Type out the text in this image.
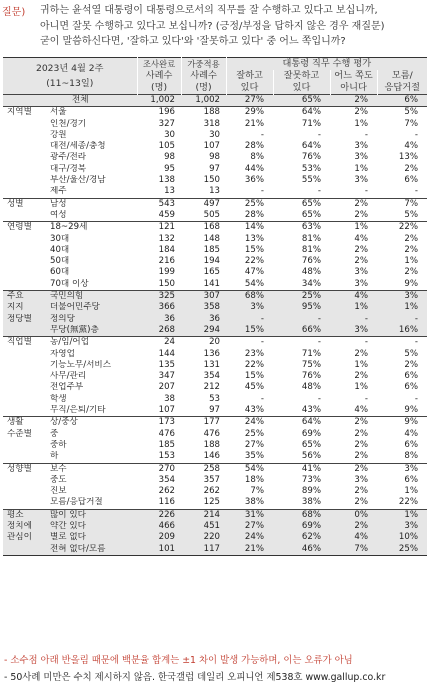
질문) 귀하는 윤석열 대통령이 대통령으로서의 직무를 잘 수행하고 있다고 보십니까,
아니면 잘못 수행하고 있다고 보십니까? (긍정/부정을 답하지 않은 경우 재질문)
굳이 말씀하신다면, '잘하고 있다'와 '잘못하고 있다' 중 어느 쪽입니까?
2023년 4월 2주
(11~13일)		조사완료	가중적용	대통령 직무 수행 평가			
		사례수	사례수	잘하고	잘못하고	어느 쪽도	모름/
		(명)	(명)	있다	있다	아니다	응답거절
	전체	1,002	1,002	27%	65%	2%	6%
지역별	서울	196	188	29%	64%	2%	5%
	인천/경기	327	318	21%	71%	1%	7%
	강원	30	30	-	-	-	-
	대전/세종/충청	105	107	28%	64%	3%	4%
	광주/전라	98	98	8%	76%	3%	13%
	대구/경북	95	97	44%	53%	1%	2%
	부산/울산/경남	138	150	36%	55%	3%	6%
	제주	13	13	-	-	-	-
성별	남성	543	497	25%	65%	2%	7%
	여성	459	505	28%	65%	2%	5%
연령별	18~29세	121	168	14%	63%	1%	22%
	30대	132	148	13%	81%	4%	2%
	40대	184	185	15%	81%	2%	2%
	50대	216	194	22%	76%	2%	1%
	60대	199	165	47%	48%	3%	2%
	70대 이상	150	141	54%	34%	3%	9%
주요	국민의힘	325	307	68%	25%	4%	3%
지지	더불어민주당	366	358	3%	95%	1%	1%
정당별	정의당	36	36	-	-	-	-
	무당(無黨)층	268	294	15%	66%	3%	16%
직업별	농/임/어업	24	20	-	-	-	-
	자영업	144	136	23%	71%	2%	5%
	기능노무/서비스	135	131	22%	75%	1%	2%
	사무/관리	347	354	15%	76%	2%	6%
	전업주부	207	212	45%	48%	1%	6%
	학생	38	53	-	-	-	-
	무직/은퇴/기타	107	97	43%	43%	4%	9%
생활	상/중상	173	177	24%	64%	2%	9%
수준별	중	476	476	25%	69%	2%	4%
	중하	185	188	27%	65%	2%	6%
	하	153	146	35%	56%	2%	8%
성향별	보수	270	258	54%	41%	2%	3%
	중도	354	357	18%	73%	3%	6%
	진보	262	262	7%	89%	2%	1%
	모름/응답거절	116	125	38%	38%	2%	22%
평소	많이 있다	226	214	31%	68%	0%	1%
정치에	약간 있다	466	451	27%	69%	2%	3%
관심이	별로 없다	209	220	24%	62%	4%	10%
	전혀 없다/모름	101	117	21%	46%	7%	25%

- 소수점 아래 반올림 때문에 백분율 합계는 ±1 차이 발생 가능하며, 이는 오류가 아님
- 50사례 미만은 수치 제시하지 않음. 한국갤럽 데일리 오피니언 제538호 www.gallup.co.kr
